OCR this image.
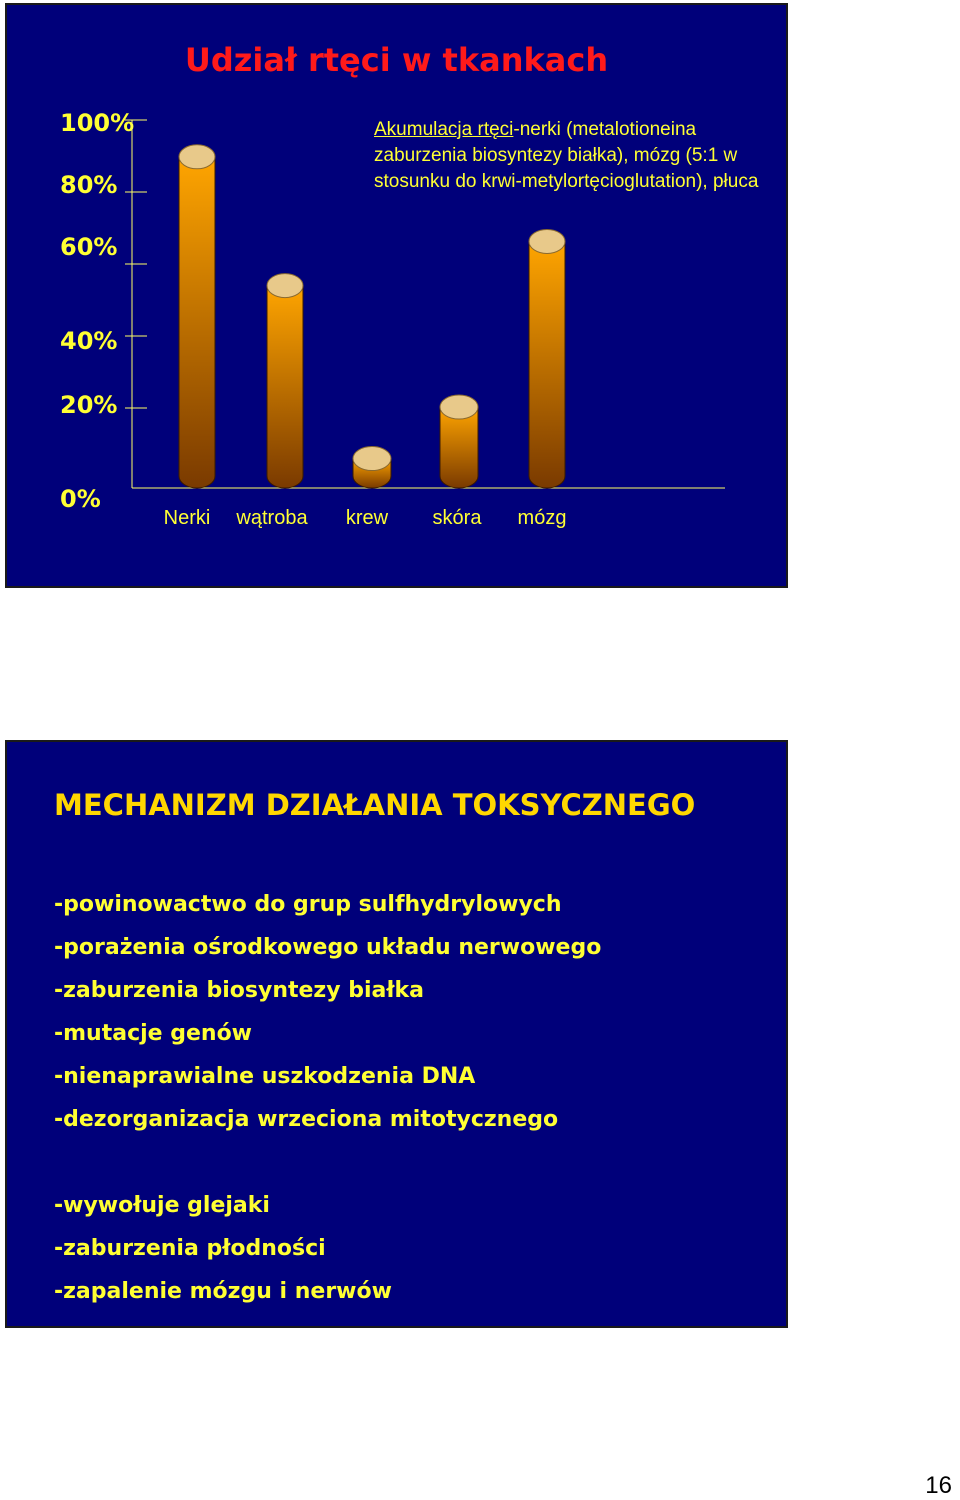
Udział rtęci w tkankach
100%
80%
60%
40%
20%
0%
Akumulacja rtęci-nerki (metalotioneina zaburzenia biosyntezy białka), mózg (5:1 w stosunku do krwi-metylortęcioglutation), płuca
Nerki	wątroba	krew	skóra mózg
MECHANIZM DZIAŁANIA TOKSYCZNEGO
-powinowactwo do grup sulfhydrylowych
-porażenia ośrodkowego układu nerwowego
-zaburzenia biosyntezy białka
-mutacje genów
-nienaprawialne uszkodzenia DNA
-dezorganizacja wrzeciona mitotycznego
-wywołuje glejaki
-zaburzenia płodności
-zapalenie mózgu i nerwów
16
